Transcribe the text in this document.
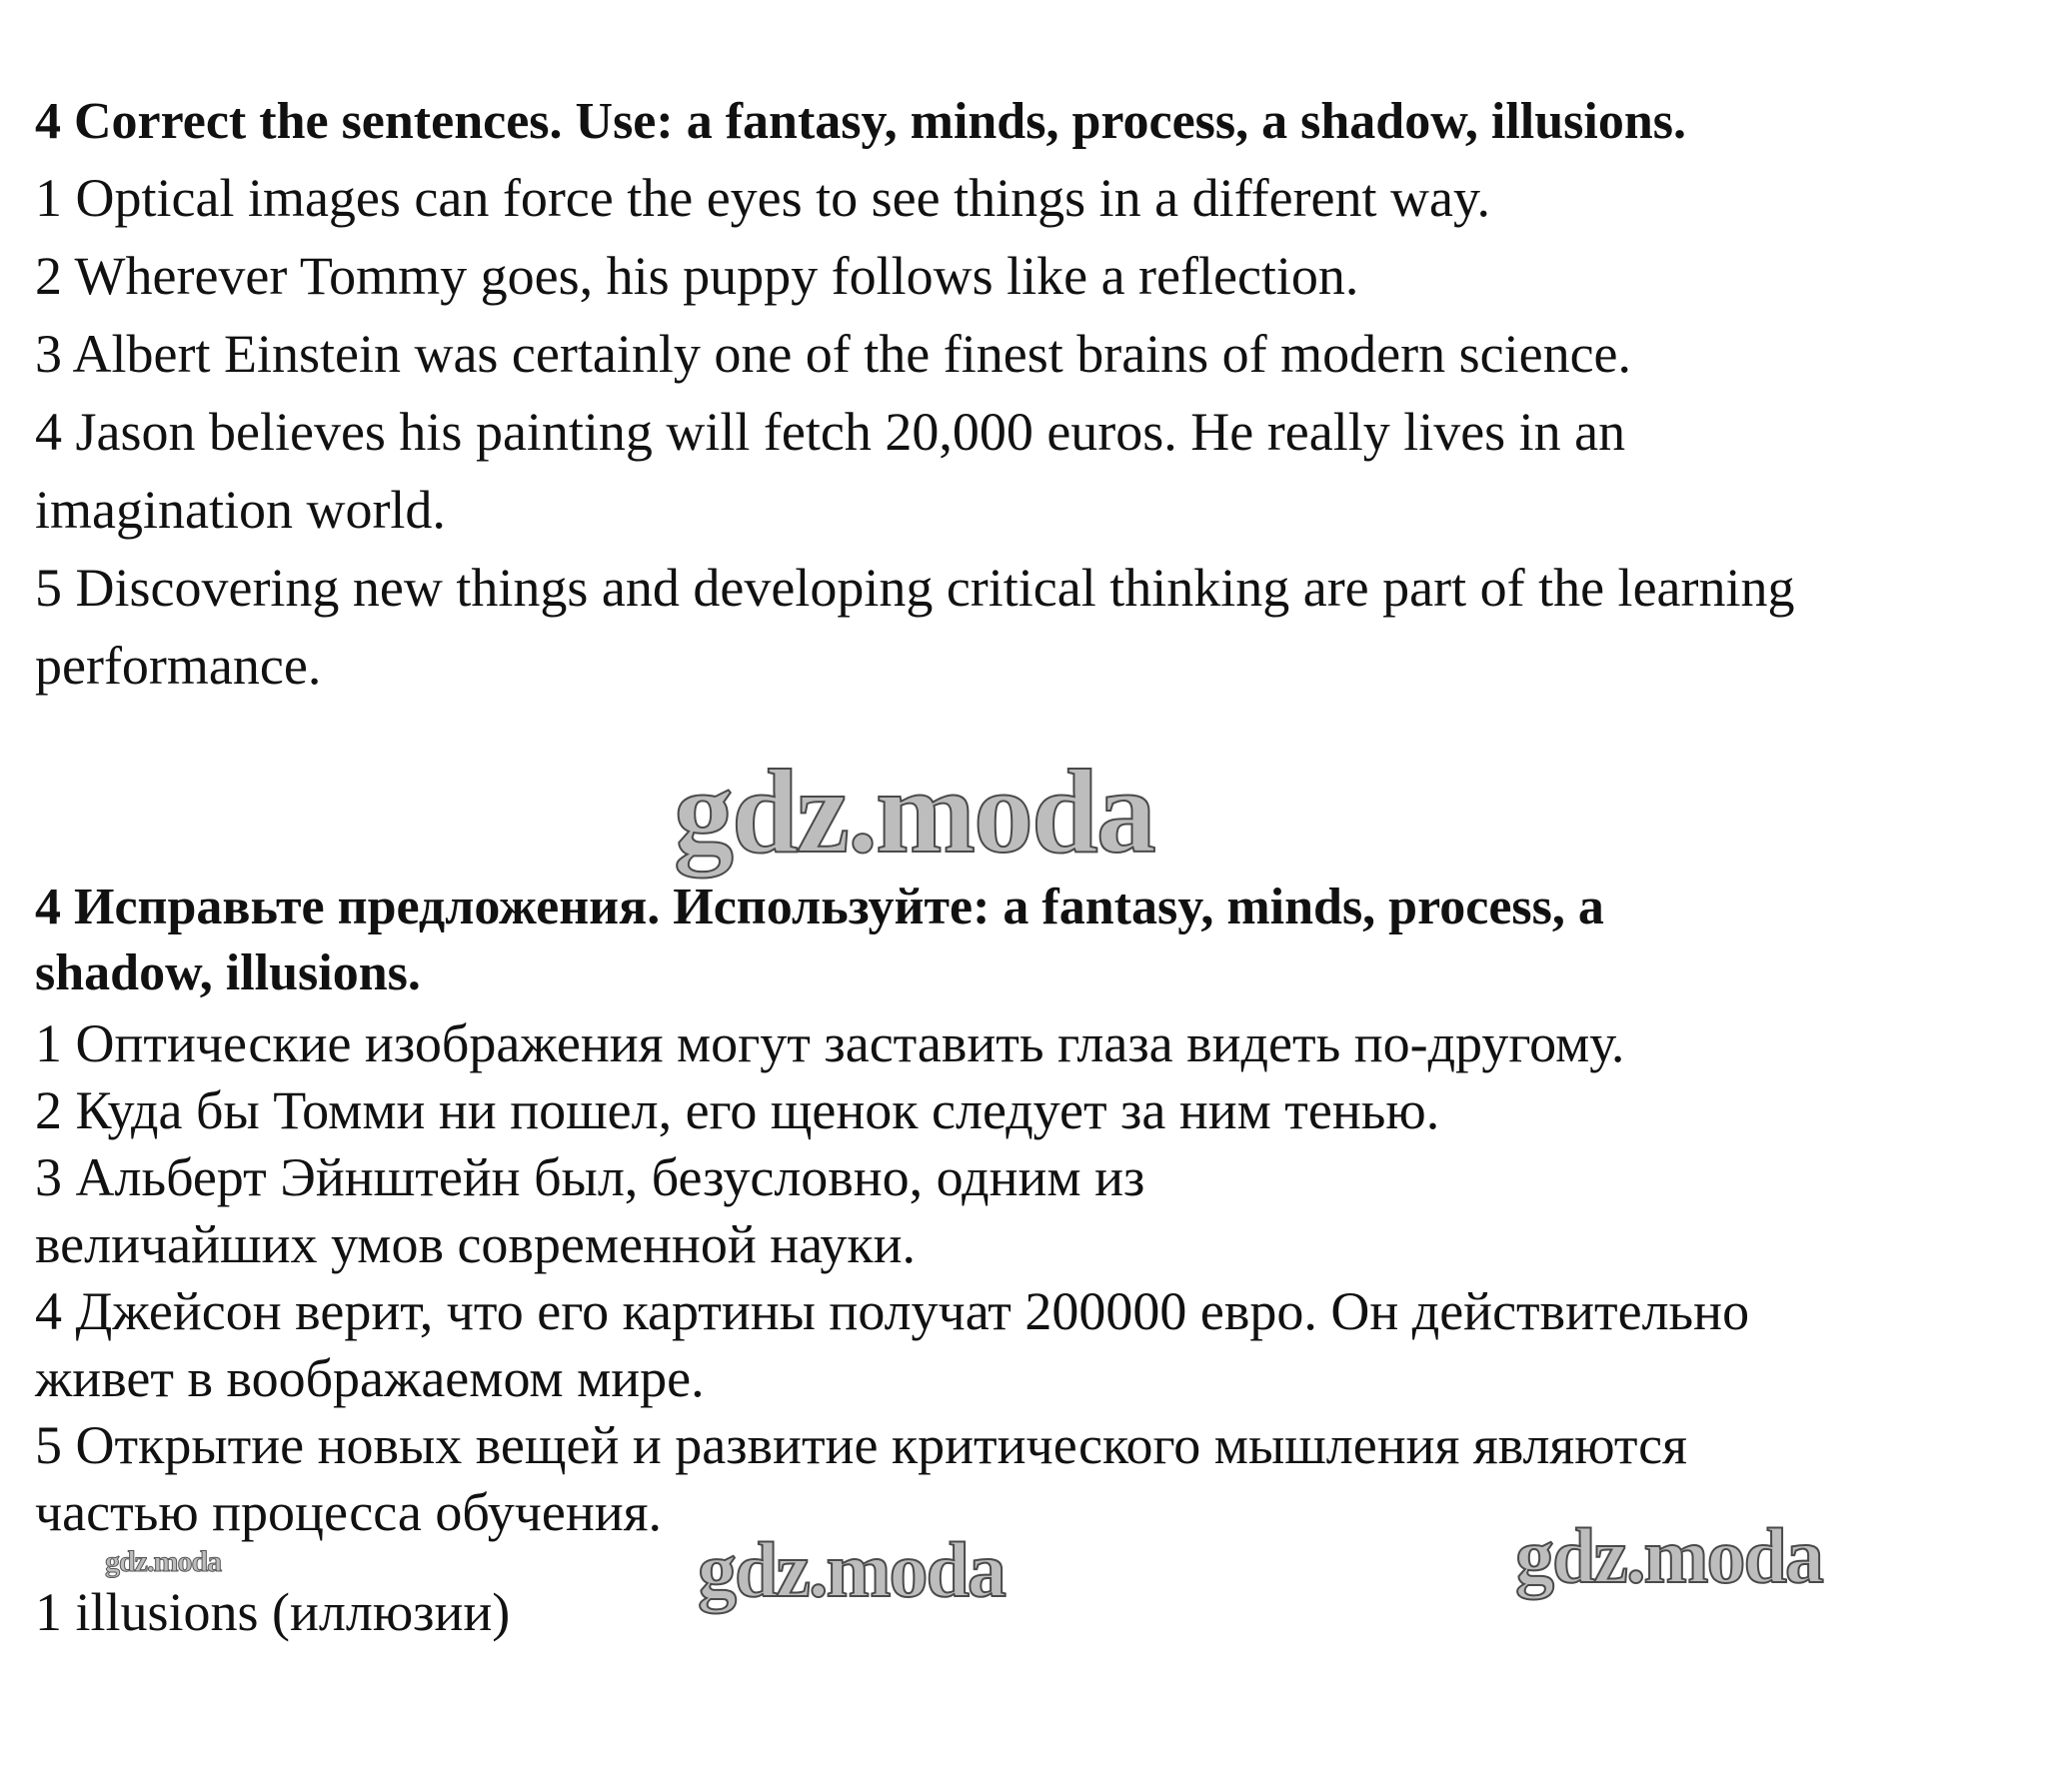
4 Correct the sentences. Use: a fantasy, minds, process, a shadow, illusions.
1 Optical images can force the eyes to see things in a different way.
2 Wherever Tommy goes, his puppy follows like a reflection.
3 Albert Einstein was certainly one of the finest brains of modern science.
4 Jason believes his painting will fetch 20,000 euros. He really lives in an
imagination world.
5 Discovering new things and developing critical thinking are part of the learning
performance.
gdz.moda
4 Исправьте предложения. Используйте: a fantasy, minds, process, a
shadow, illusions.
1 Оптические изображения могут заставить глаза видеть по-другому.
2 Куда бы Томми ни пошел, его щенок следует за ним тенью.
3 Альберт Эйнштейн был, безусловно, одним из
величайших умов современной науки.
4 Джейсон верит, что его картины получат 200000 евро. Он действительно
живет в воображаемом мире.
5 Открытие новых вещей и развитие критического мышления являются
частью процесса обучения.
gdz.moda	gdz.moda	gdz.moda
1 illusions (иллюзии)
